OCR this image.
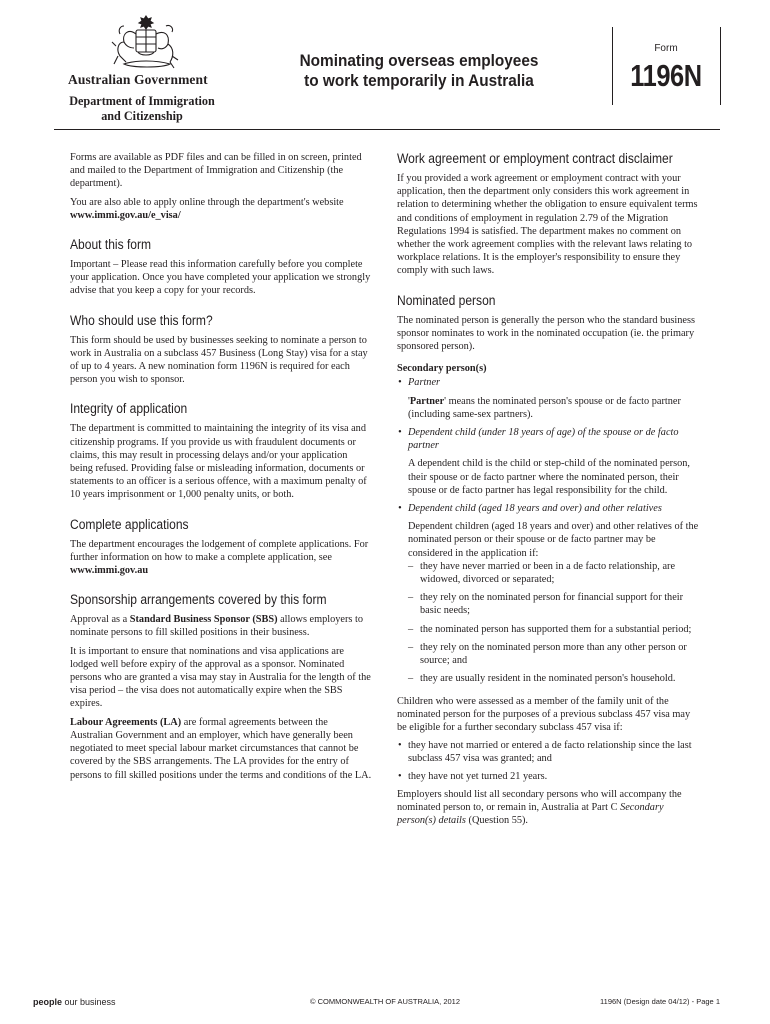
Australian Government
Department of Immigration and Citizenship
Nominating overseas employees
to work temporarily in Australia
Form
1196N

Forms are available as PDF files and can be filled in on screen, printed and mailed to the Department of Immigration and Citizenship (the department).

You are also able to apply online through the department's website www.immi.gov.au/e_visa/

About this form

Important – Please read this information carefully before you complete your application. Once you have completed your application we strongly advise that you keep a copy for your records.

Who should use this form?

This form should be used by businesses seeking to nominate a person to work in Australia on a subclass 457 Business (Long Stay) visa for a stay of up to 4 years. A new nomination form 1196N is required for each person you wish to sponsor.

Integrity of application

The department is committed to maintaining the integrity of its visa and citizenship programs. If you provide us with fraudulent documents or claims, this may result in processing delays and/or your application being refused. Providing false or misleading information, documents or statements to an officer is a serious offence, with a maximum penalty of 10 years imprisonment or 1,000 penalty units, or both.

Complete applications

The department encourages the lodgement of complete applications. For further information on how to make a complete application, see www.immi.gov.au

Sponsorship arrangements covered by this form

Approval as a Standard Business Sponsor (SBS) allows employers to nominate persons to fill skilled positions in their business.

It is important to ensure that nominations and visa applications are lodged well before expiry of the approval as a sponsor. Nominated persons who are granted a visa may stay in Australia for the length of the visa period – the visa does not automatically expire when the SBS expires.

Labour Agreements (LA) are formal agreements between the Australian Government and an employer, which have generally been negotiated to meet special labour market circumstances that cannot be covered by the SBS arrangements. The LA provides for the entry of persons to fill skilled positions under the terms and conditions of the LA.

Work agreement or employment contract disclaimer

If you provided a work agreement or employment contract with your application, then the department only considers this work agreement in relation to determining whether the obligation to ensure equivalent terms and conditions of employment in regulation 2.79 of the Migration Regulations 1994 is satisfied. The department makes no comment on whether the work agreement complies with the relevant laws relating to workplace relations. It is the employer's responsibility to ensure they comply with such laws.

Nominated person

The nominated person is generally the person who the standard business sponsor nominates to work in the nominated occupation (ie. the primary sponsored person).

Secondary person(s)

• Partner

'Partner' means the nominated person's spouse or de facto partner (including same-sex partners).

• Dependent child (under 18 years of age) of the spouse or de facto partner

A dependent child is the child or step-child of the nominated person, their spouse or de facto partner where the nominated person, their spouse or de facto partner has legal responsibility for the child.

• Dependent child (aged 18 years and over) and other relatives

Dependent children (aged 18 years and over) and other relatives of the nominated person or their spouse or de facto partner may be considered in the application if:

– they have never married or been in a de facto relationship, are widowed, divorced or separated;

– they rely on the nominated person for financial support for their basic needs;

– the nominated person has supported them for a substantial period;

– they rely on the nominated person more than any other person or source; and

– they are usually resident in the nominated person's household.

Children who were assessed as a member of the family unit of the nominated person for the purposes of a previous subclass 457 visa may be eligible for a further secondary subclass 457 visa if:

• they have not married or entered a de facto relationship since the last subclass 457 visa was granted; and

• they have not yet turned 21 years.

Employers should list all secondary persons who will accompany the nominated person to, or remain in, Australia at Part C Secondary person(s) details (Question 55).

people our business	© COMMONWEALTH OF AUSTRALIA, 2012	1196N (Design date 04/12) - Page 1
